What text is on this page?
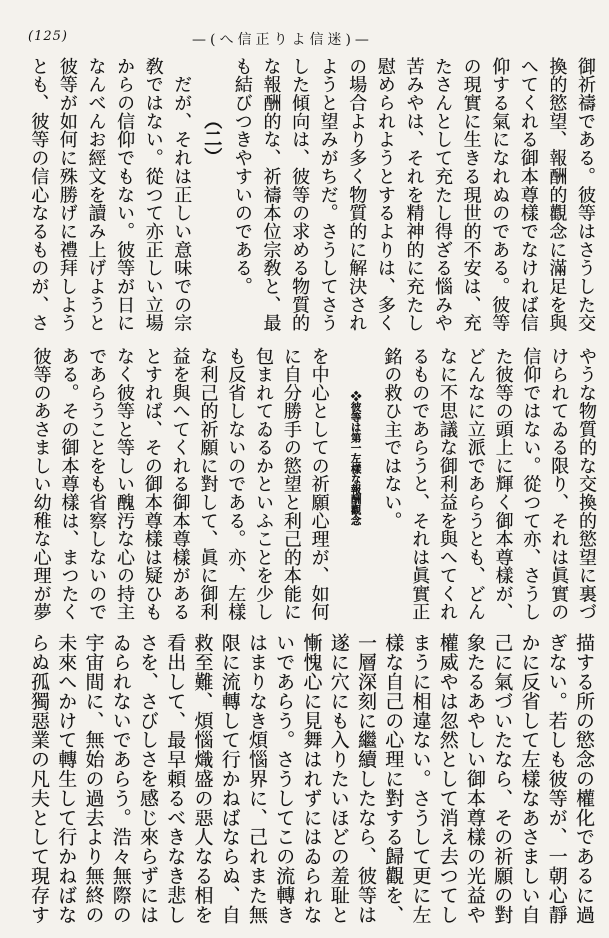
(125)	—(へ信正りよ信迷)—
御祈禱である。彼等はさうした交
換的慾望、報酬的觀念に滿足を與
へてくれる御本尊樣でなければ信
仰する氣になれぬのである。彼等
の現實に生きる現世的不安は、充
たさんとして充たし得ざる惱みや
苦みやは、それを精神的に充たし
慰められようとするよりは、多く
の場合より多く物質的に解決され
ようと望みがちだ。さうしてさう
した傾向は、彼等の求める物質的
な報酬的な、祈禱本位宗敎と、最
も結びつきやすいのである。
（二）
　だが、それは正しい意味での宗
敎ではない。從つて亦正しい立場
からの信仰でもない。彼等が日に
なんべんお經文を讀み上げようと
彼等が如何に殊勝げに禮拜しよう
とも、彼等の信心なるものが、さ
やうな物質的な交換的慾望に裏づ
けられてゐる限り、それは眞實の
信仰ではない。從つて亦、さうし
た彼等の頭上に輝く御本尊樣が、
どんなに立派であらうとも、どん
なに不思議な御利益を與へてくれ
るものであらうと、それは眞實正
銘の救ひ主ではない。
❖彼等は第一左樣な報酬觀念
を中心としての祈願心理が、如何
に自分勝手の慾望と利己的本能に
包まれてゐるかといふことを少し
も反省しないのである。亦、左樣
な利己的祈願に對して、眞に御利
益を與へてくれる御本尊樣がある
とすれば、その御本尊樣は疑ひも
なく彼等と等しい醜汚な心の持主
であらうことをも省察しないので
ある。その御本尊樣は、まつたく
彼等のあさましい幼稚な心理が夢
描する所の慾念の權化であるに過
ぎない。若しも彼等が、一朝心靜
かに反省して左樣なあさましい自
己に氣づいたなら、その祈願の對
象たるあやしい御本尊樣の光益や
權威やは忽然として消え去つてし
まうに相違ない。さうして更に左
樣な自己の心理に對する歸觀を、
一層深刻に繼續したなら、彼等は
遂に穴にも入りたいほどの羞耻と
慚愧心に見舞はれずにはゐられな
いであらう。さうしてこの流轉き
はまりなき煩惱界に、己れまた無
限に流轉して行かねばならぬ、自
救至難、煩惱熾盛の惡人なる相を
看出して、最早頼るべきなき悲し
さを、さびしさを感じ來らずには
ゐられないであらう。浩々無際の
宇宙間に、無始の過去より無終の
未來へかけて轉生して行かねばな
らぬ孤獨惡業の凡夫として現存す
